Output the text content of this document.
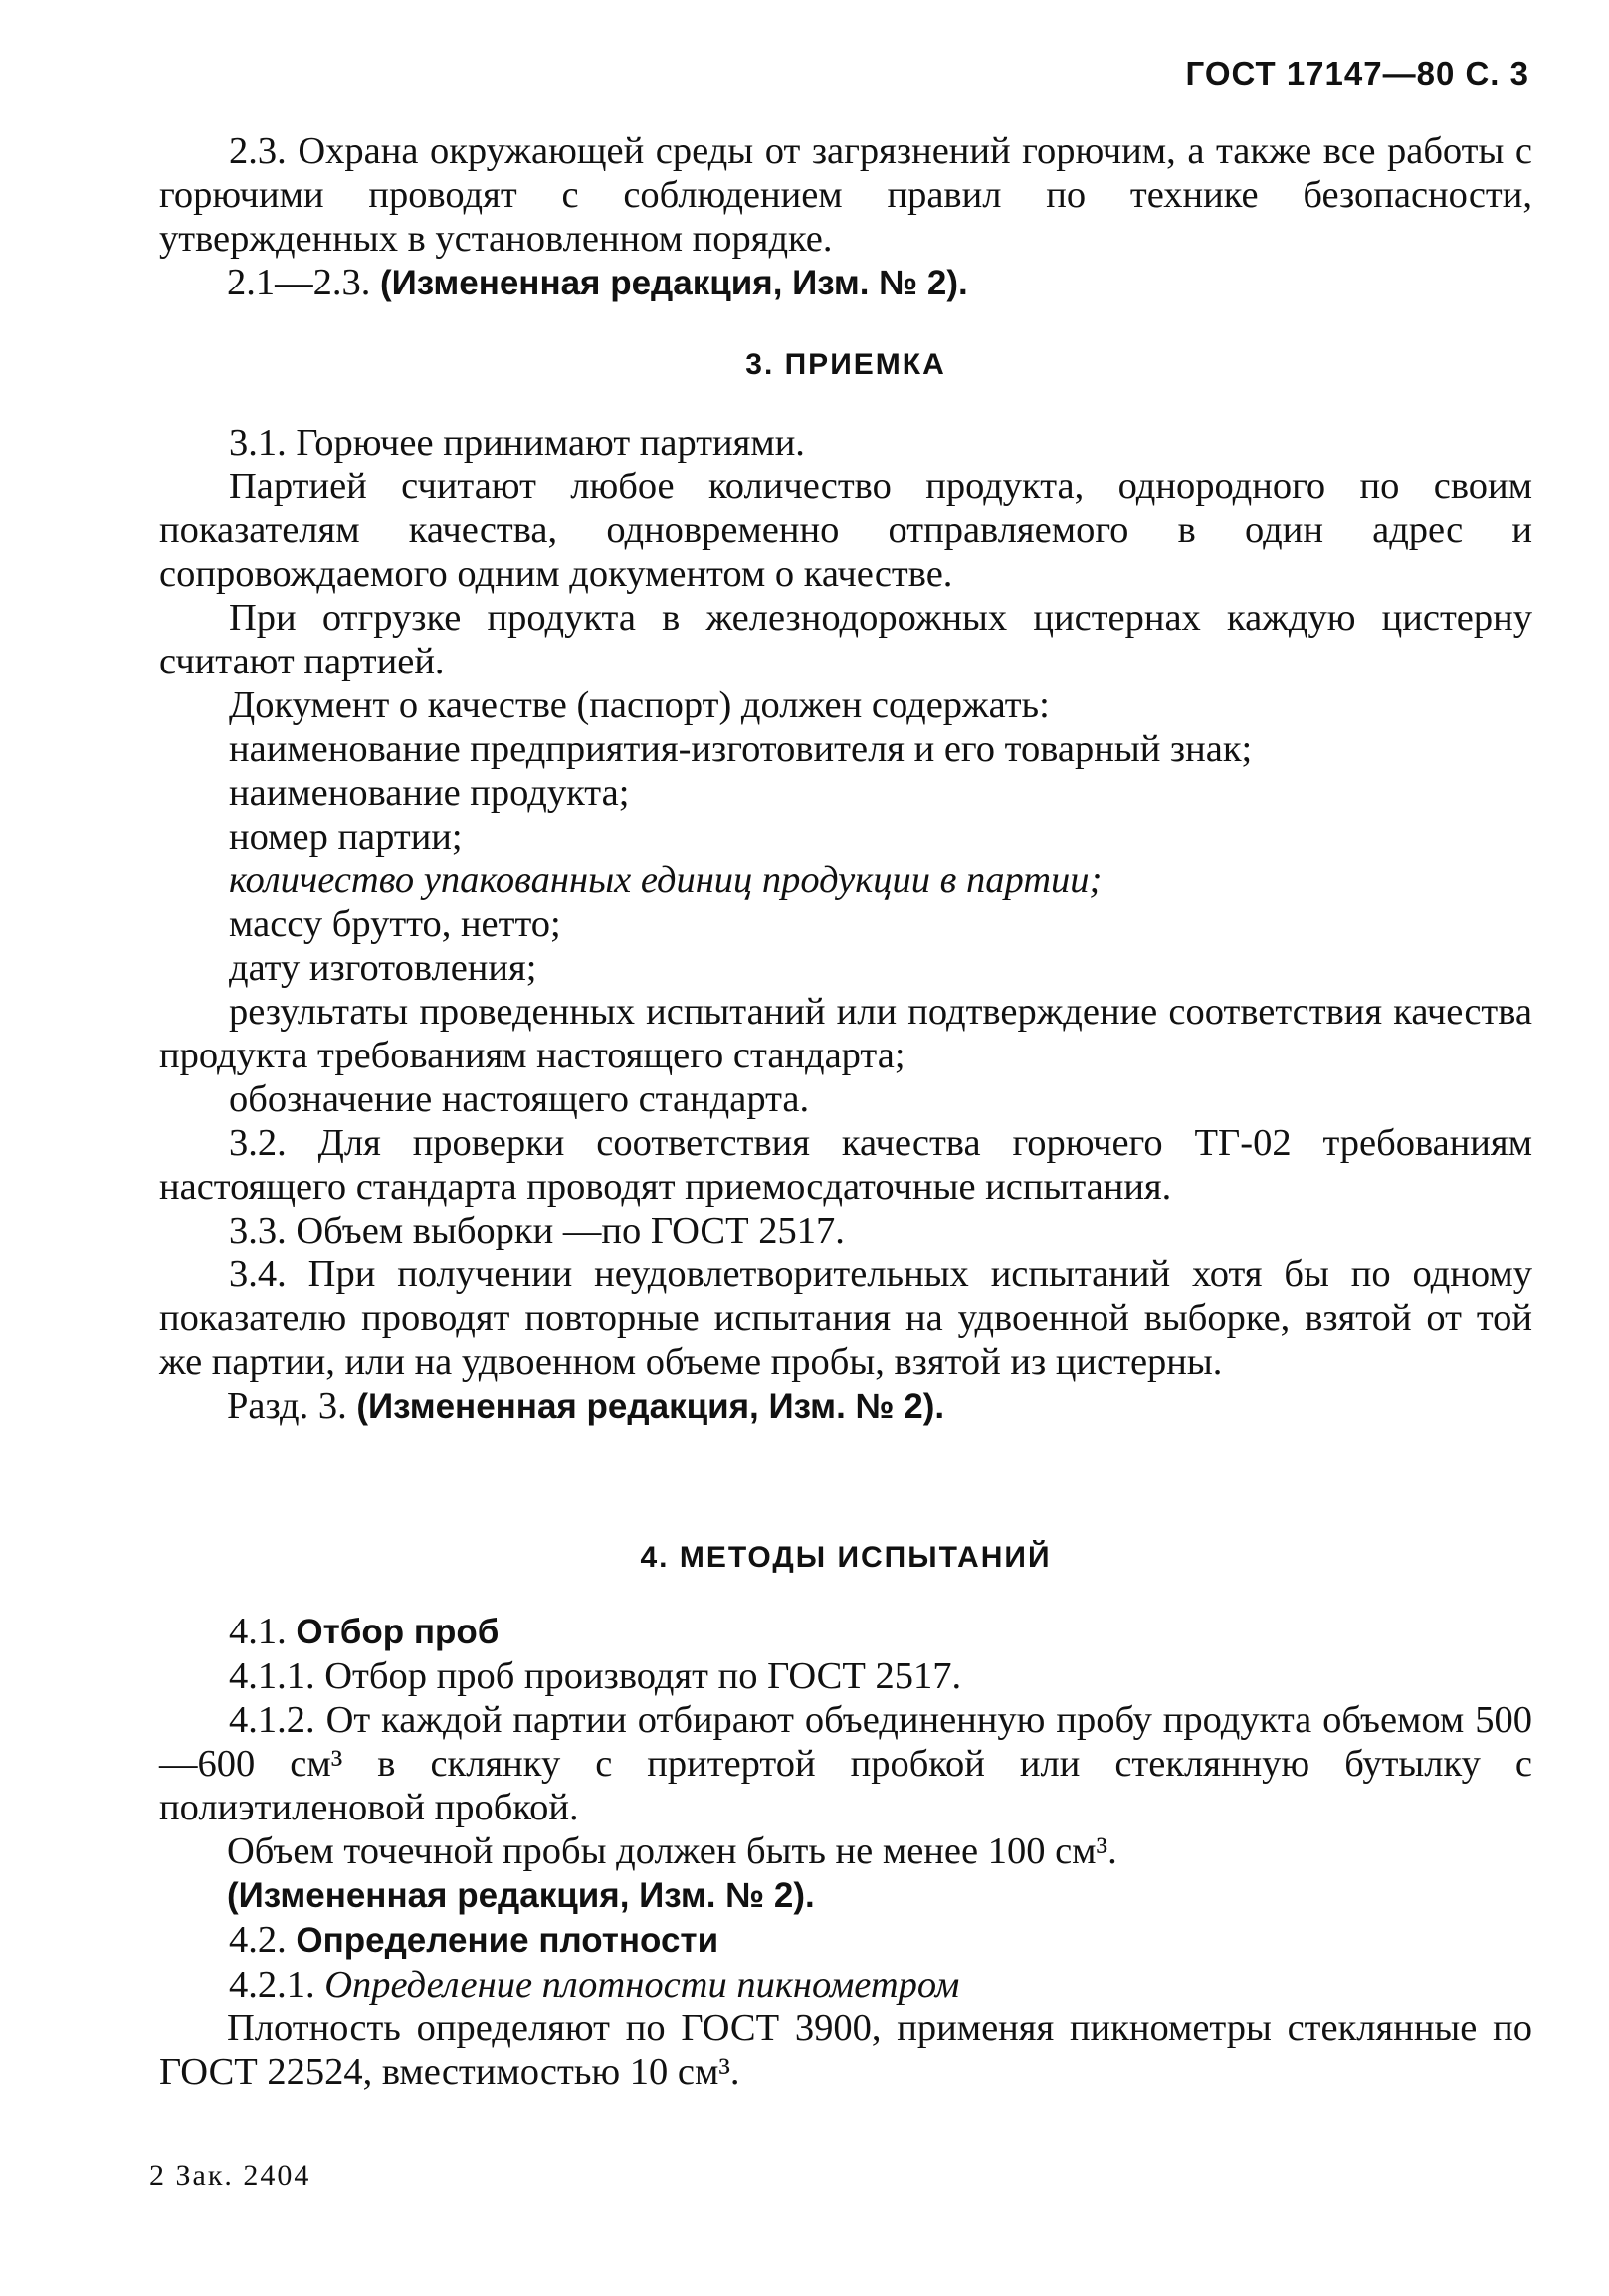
ГОСТ 17147—80 С. 3

2.3. Охрана окружающей среды от загрязнений горючим, а также все работы с горючими проводят с соблюдением правил по технике безопасности, утвержденных в установленном порядке.

2.1—2.3. (Измененная редакция, Изм. № 2).

3. ПРИЕМКА

3.1. Горючее принимают партиями.

Партией считают любое количество продукта, однородного по своим показателям качества, одновременно отправляемого в один адрес и сопровождаемого одним документом о качестве.

При отгрузке продукта в железнодорожных цистернах каждую цистерну считают партией.

Документ о качестве (паспорт) должен содержать:

наименование предприятия-изготовителя и его товарный знак;

наименование продукта;

номер партии;

количество упакованных единиц продукции в партии;

массу брутто, нетто;

дату изготовления;

результаты проведенных испытаний или подтверждение соответствия качества продукта требованиям настоящего стандарта;

обозначение настоящего стандарта.

3.2. Для проверки соответствия качества горючего ТГ-02 требованиям настоящего стандарта проводят приемосдаточные испытания.

3.3. Объем выборки —по ГОСТ 2517.

3.4. При получении неудовлетворительных испытаний хотя бы по одному показателю проводят повторные испытания на удвоенной выборке, взятой от той же партии, или на удвоенном объеме пробы, взятой из цистерны.

Разд. 3. (Измененная редакция, Изм. № 2).

4. МЕТОДЫ ИСПЫТАНИЙ

4.1. Отбор проб

4.1.1. Отбор проб производят по ГОСТ 2517.

4.1.2. От каждой партии отбирают объединенную пробу продукта объемом 500—600 см³ в склянку с притертой пробкой или стеклянную бутылку с полиэтиленовой пробкой.

Объем точечной пробы должен быть не менее 100 см³.

(Измененная редакция, Изм. № 2).

4.2. Определение плотности

4.2.1. Определение плотности пикнометром

Плотность определяют по ГОСТ 3900, применяя пикнометры стеклянные по ГОСТ 22524, вместимостью 10 см³.

2 Зак. 2404
